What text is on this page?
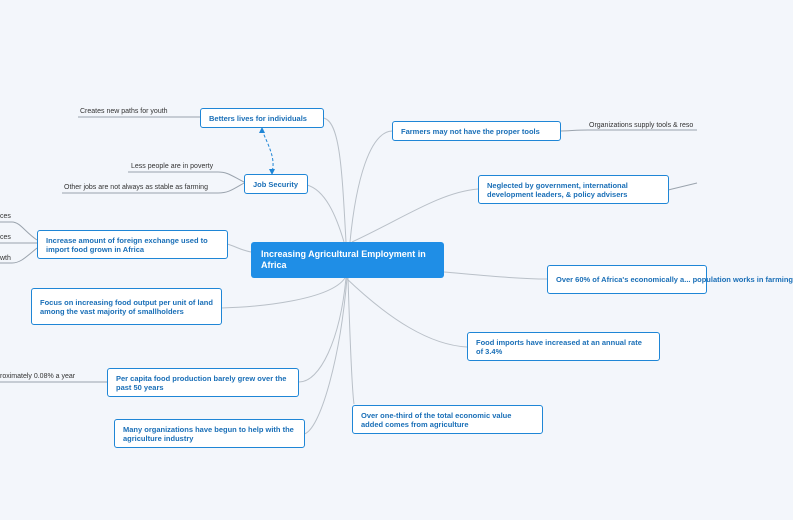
Increasing Agricultural Employment in Africa
Betters lives for individuals
Job Security
Farmers may not have the proper tools
Neglected by government, international development leaders, & policy advisers
Increase amount of foreign exchange used to import food grown in Africa
Over 60% of Africa's economically a... population works in farming
Focus on increasing food output per unit of land among the vast majority of smallholders
Food imports have increased at an annual rate of 3.4%
Per capita food production barely grew over the past 50 years
Over one-third of the total economic value added comes from agriculture
Many organizations have begun to help with the agriculture industry
Creates new paths for youth
Organizations supply tools & reso
Less people are in poverty
Other jobs are not always as stable as farming
ces
ces
wth
roximately 0.08% a year
